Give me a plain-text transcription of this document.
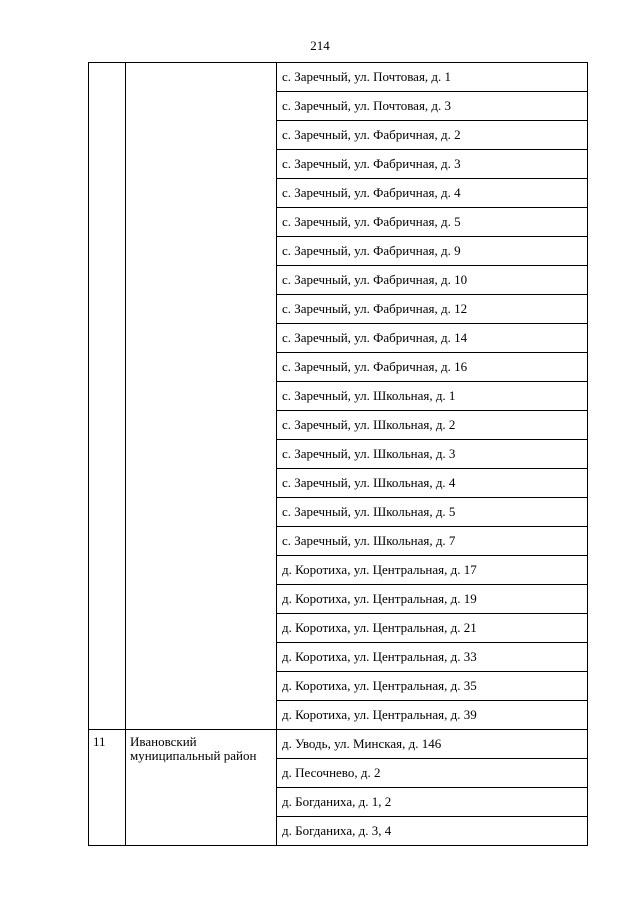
214
		с. Заречный, ул. Почтовая, д. 1
		с. Заречный, ул. Почтовая, д. 3
		с. Заречный, ул. Фабричная, д. 2
		с. Заречный, ул. Фабричная, д. 3
		с. Заречный, ул. Фабричная, д. 4
		с. Заречный, ул. Фабричная, д. 5
		с. Заречный, ул. Фабричная, д. 9
		с. Заречный, ул. Фабричная, д. 10
		с. Заречный, ул. Фабричная, д. 12
		с. Заречный, ул. Фабричная, д. 14
		с. Заречный, ул. Фабричная, д. 16
		с. Заречный, ул. Школьная, д. 1
		с. Заречный, ул. Школьная, д. 2
		с. Заречный, ул. Школьная, д. 3
		с. Заречный, ул. Школьная, д. 4
		с. Заречный, ул. Школьная, д. 5
		с. Заречный, ул. Школьная, д. 7
		д. Коротиха, ул. Центральная, д. 17
		д. Коротиха, ул. Центральная, д. 19
		д. Коротиха, ул. Центральная, д. 21
		д. Коротиха, ул. Центральная, д. 33
		д. Коротиха, ул. Центральная, д. 35
		д. Коротиха, ул. Центральная, д. 39
11	Ивановский муниципальный район	д. Уводь, ул. Минская, д. 146
		д. Песочнево, д. 2
		д. Богданиха, д. 1, 2
		д. Богданиха, д. 3, 4
